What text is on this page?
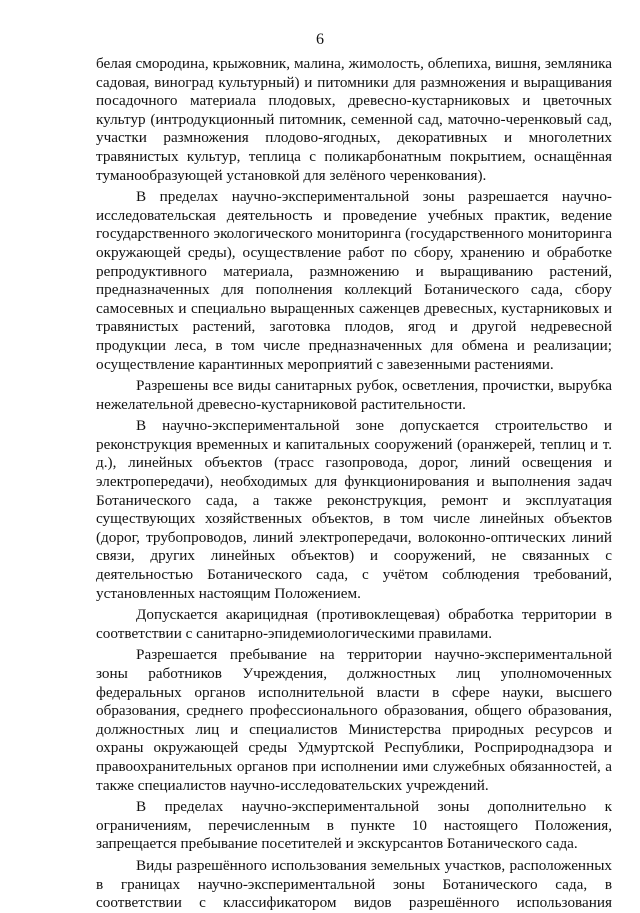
6

белая смородина, крыжовник, малина, жимолость, облепиха, вишня, земляника садовая, виноград культурный) и питомники для размножения и выращивания посадочного материала плодовых, древесно-кустарниковых и цветочных культур (интродукционный питомник, семенной сад, маточно-черенковый сад, участки размножения плодово-ягодных, декоративных и многолетних травянистых культур, теплица с поликарбонатным покрытием, оснащённая туманообразующей установкой для зелёного черенкования).

В пределах научно-экспериментальной зоны разрешается научно-исследовательская деятельность и проведение учебных практик, ведение государственного экологического мониторинга (государственного мониторинга окружающей среды), осуществление работ по сбору, хранению и обработке репродуктивного материала, размножению и выращиванию растений, предназначенных для пополнения коллекций Ботанического сада, сбору самосевных и специально выращенных саженцев древесных, кустарниковых и травянистых растений, заготовка плодов, ягод и другой недревесной продукции леса, в том числе предназначенных для обмена и реализации; осуществление карантинных мероприятий с завезенными растениями.

Разрешены все виды санитарных рубок, осветления, прочистки, вырубка нежелательной древесно-кустарниковой растительности.

В научно-экспериментальной зоне допускается строительство и реконструкция временных и капитальных сооружений (оранжерей, теплиц и т. д.), линейных объектов (трасс газопровода, дорог, линий освещения и электропередачи), необходимых для функционирования и выполнения задач Ботанического сада, а также реконструкция, ремонт и эксплуатация существующих хозяйственных объектов, в том числе линейных объектов (дорог, трубопроводов, линий электропередачи, волоконно-оптических линий связи, других линейных объектов) и сооружений, не связанных с деятельностью Ботанического сада, с учётом соблюдения требований, установленных настоящим Положением.

Допускается акарицидная (противоклещевая) обработка территории в соответствии с санитарно-эпидемиологическими правилами.

Разрешается пребывание на территории научно-экспериментальной зоны работников Учреждения, должностных лиц уполномоченных федеральных органов исполнительной власти в сфере науки, высшего образования, среднего профессионального образования, общего образования, должностных лиц и специалистов Министерства природных ресурсов и охраны окружающей среды Удмуртской Республики, Росприроднадзора и правоохранительных органов при исполнении ими служебных обязанностей, а также специалистов научно-исследовательских учреждений.

В пределах научно-экспериментальной зоны дополнительно к ограничениям, перечисленным в пункте 10 настоящего Положения, запрещается пребывание посетителей и экскурсантов Ботанического сада.

Виды разрешённого использования земельных участков, расположенных в границах научно-экспериментальной зоны Ботанического сада, в соответствии с классификатором видов разрешённого использования
